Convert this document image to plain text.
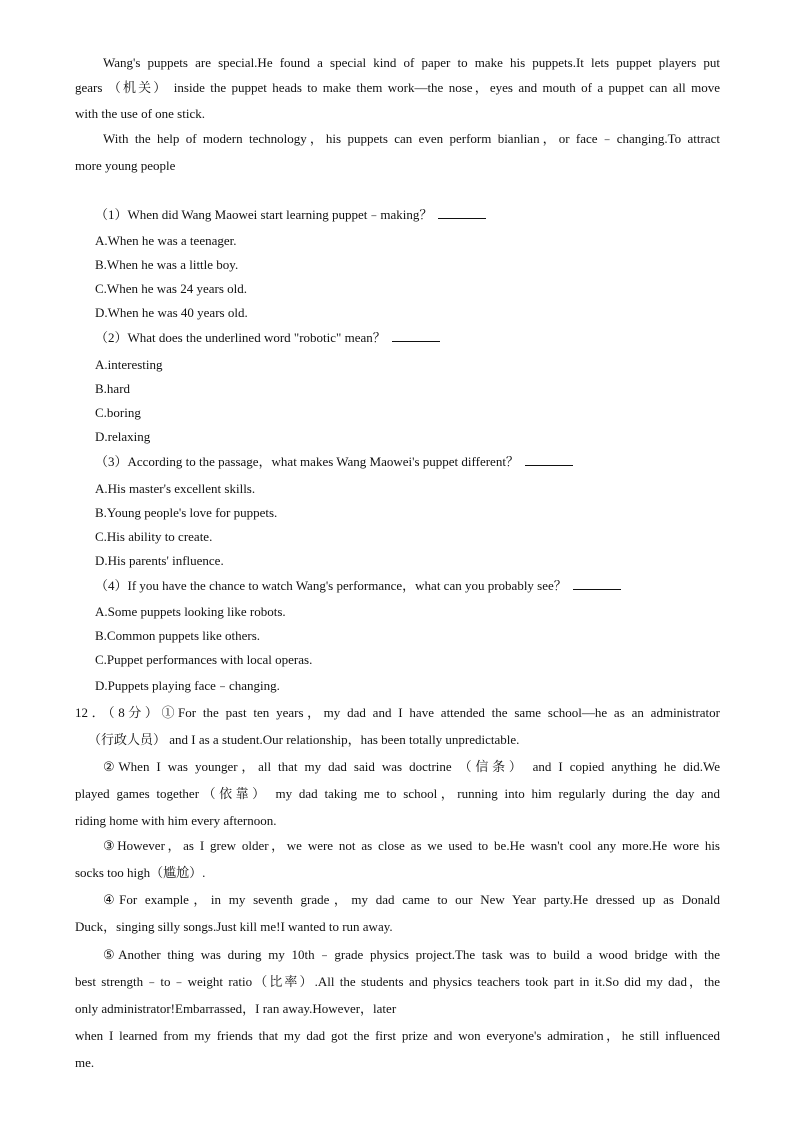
Wang's puppets are special.He found a special kind of paper to make his puppets.It lets puppet players put
gears （机关） inside the puppet heads to make them work—the nose，eyes and mouth of a puppet can all move
with the use of one stick.
With the help of modern technology，his puppets can even perform bianlian，or face﹣changing.To attract
more young people
（1）When did Wang Maowei start learning puppet﹣making？
A.When he was a teenager.
B.When he was a little boy.
C.When he was 24 years old.
D.When he was 40 years old.
（2）What does the underlined word "robotic" mean？
A.interesting
B.hard
C.boring
D.relaxing
（3）According to the passage，what makes Wang Maowei's puppet different？
A.His master's excellent skills.
B.Young people's love for puppets.
C.His ability to create.
D.His parents' influence.
（4）If you have the chance to watch Wang's performance，what can you probably see？
A.Some puppets looking like robots.
B.Common puppets like others.
C.Puppet performances with local operas.
D.Puppets playing face﹣changing.
12．（8分）①For the past ten years，my dad and I have attended the same school—he as an administrator
（行政人员） and I as a student.Our relationship，has been totally unpredictable.
②When I was younger，all that my dad said was doctrine （信条） and I copied anything he did.We
played games together（依靠） my dad taking me to school，running into him regularly during the day and
riding home with him every afternoon.
③However，as I grew older，we were not as close as we used to be.He wasn't cool any more.He wore his
socks too high（尴尬）.
④For example，in my seventh grade，my dad came to our New Year party.He dressed up as Donald
Duck，singing silly songs.Just kill me!I wanted to run away.
⑤Another thing was during my 10th﹣grade physics project.The task was to build a wood bridge with the
best strength﹣to﹣weight ratio（比率）.All the students and physics teachers took part in it.So did my dad，the
only administrator!Embarrassed，I ran away.However，later
when I learned from my friends that my dad got the first prize and won everyone's admiration，he still influenced
me.
